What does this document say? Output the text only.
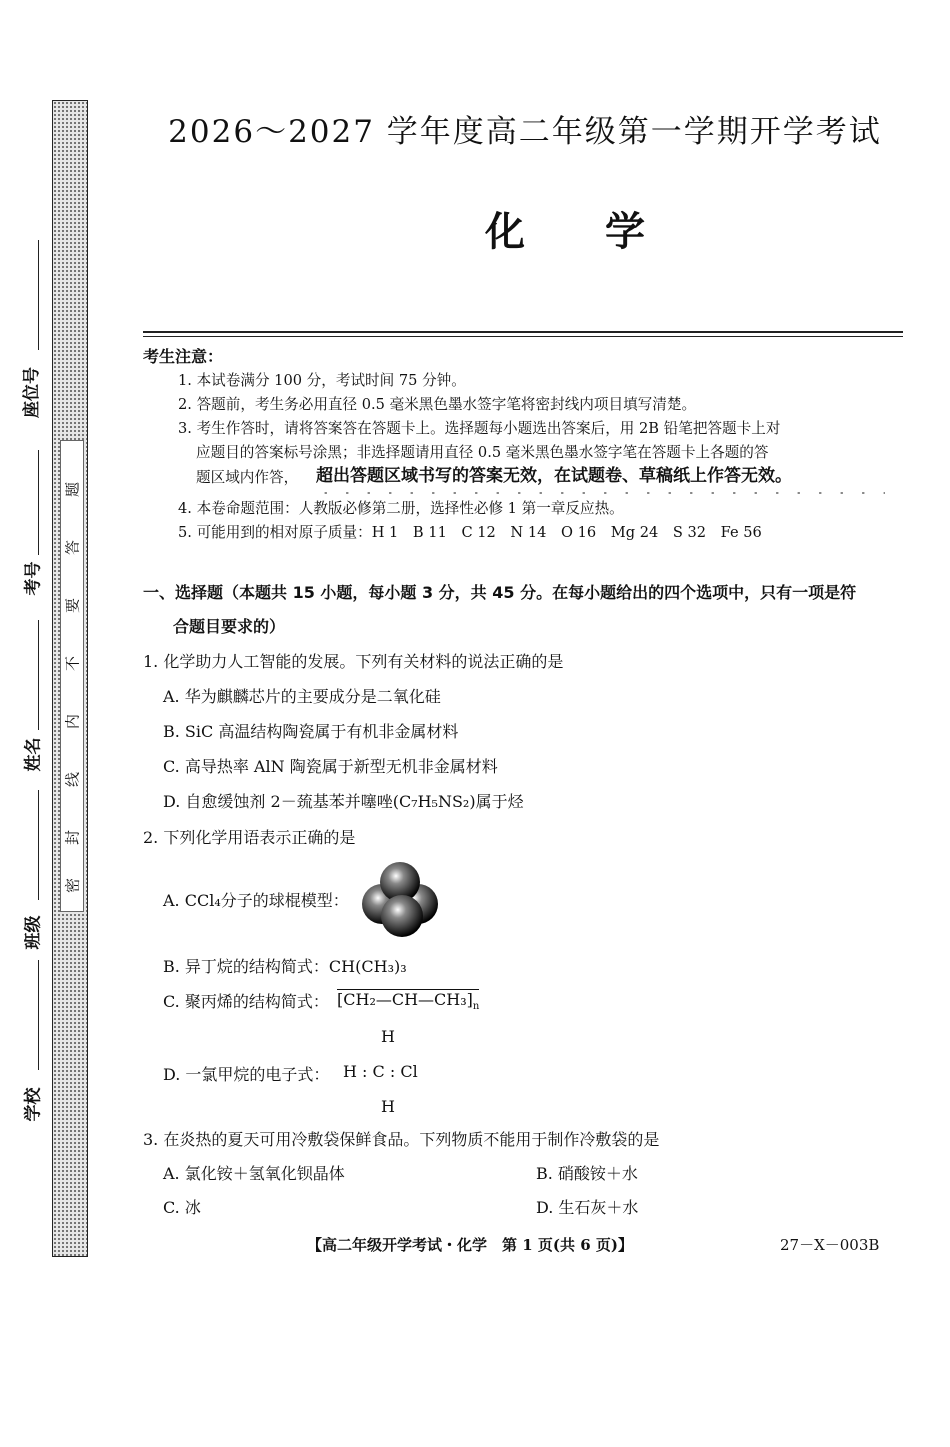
题
答
要
不
内
线
封
密
座位号
考号
姓名
班级
学校
2026～2027 学年度高二年级第一学期开学考试
化学
考生注意：
1. 本试卷满分 100 分，考试时间 75 分钟。
2. 答题前，考生务必用直径 0.5 毫米黑色墨水签字笔将密封线内项目填写清楚。
3. 考生作答时，请将答案答在答题卡上。选择题每小题选出答案后，用 2B 铅笔把答题卡上对
应题目的答案标号涂黑；非选择题请用直径 0.5 毫米黑色墨水签字笔在答题卡上各题的答
题区域内作答， 超出答题区域书写的答案无效，在试题卷、草稿纸上作答无效。
4. 本卷命题范围：人教版必修第二册，选择性必修 1 第一章反应热。
5. 可能用到的相对原子质量：H 1　B 11　C 12　N 14　O 16　Mg 24　S 32　Fe 56
一、选择题（本题共 15 小题，每小题 3 分，共 45 分。在每小题给出的四个选项中，只有一项是符
合题目要求的）
1. 化学助力人工智能的发展。下列有关材料的说法正确的是
A. 华为麒麟芯片的主要成分是二氧化硅
B. SiC 高温结构陶瓷属于有机非金属材料
C. 高导热率 AlN 陶瓷属于新型无机非金属材料
D. 自愈缓蚀剂 2－巯基苯并噻唑(C₇H₅NS₂)属于烃
2. 下列化学用语表示正确的是
A. CCl₄分子的球棍模型：
B. 异丁烷的结构简式：CH(CH₃)₃
C. 聚丙烯的结构简式： $[CH_2—CH—CH_3]_n$
D. 一氯甲烷的电子式：
H
H : C : Cl
H
3. 在炎热的夏天可用冷敷袋保鲜食品。下列物质不能用于制作冷敷袋的是
A. 氯化铵＋氢氧化钡晶体	B. 硝酸铵＋水
C. 冰	D. 生石灰＋水
【高二年级开学考试・化学　第 1 页(共 6 页)】	27－X－003B
